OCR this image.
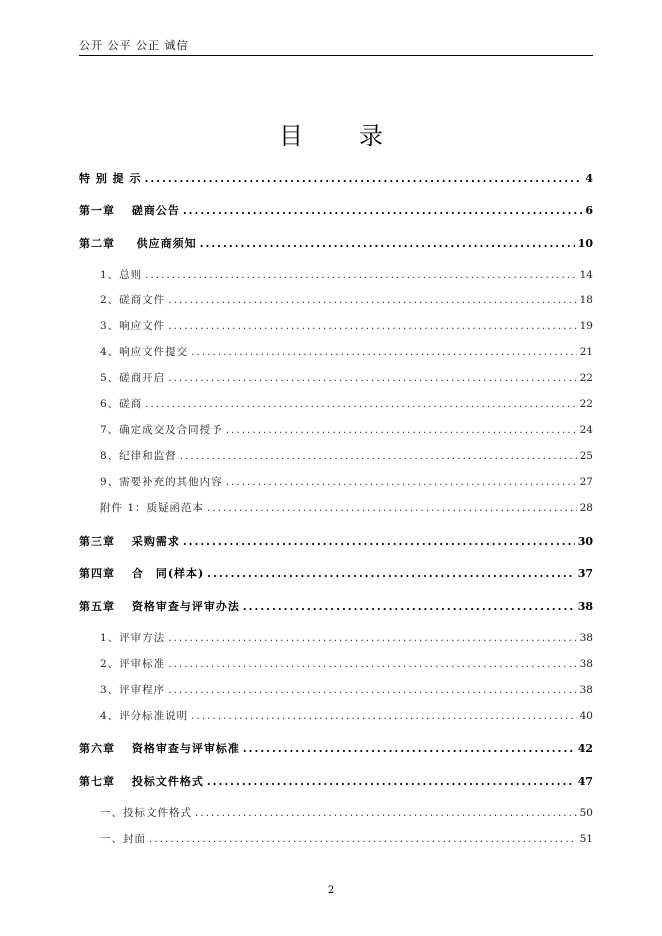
公开 公平 公正 诚信
目 录
特 别 提 示 .....	4
第一章　 磋商公告 .....	6
第二章 　 供应商须知 .....	10
1、总则 .....	14
2、磋商文件 .....	18
3、响应文件 .....	19
4、响应文件提交 .....	21
5、磋商开启 .....	22
6、磋商 .....	22
7、确定成交及合同授予 .....	24
8、纪律和监督 .....	25
9、需要补充的其他内容 .....	27
附件 1：质疑函范本 .....	28
第三章　 采购需求 .....	30
第四章　 合　同(样本) .....	37
第五章　 资格审查与评审办法 .....	38
1、评审方法 .....	38
2、评审标准 .....	38
3、评审程序 .....	38
4、评分标准说明 .....	40
第六章　 资格审查与评审标准 .....	42
第七章　 投标文件格式 .....	47
一、投标文件格式 .....	50
一、封面 .....	51
2
